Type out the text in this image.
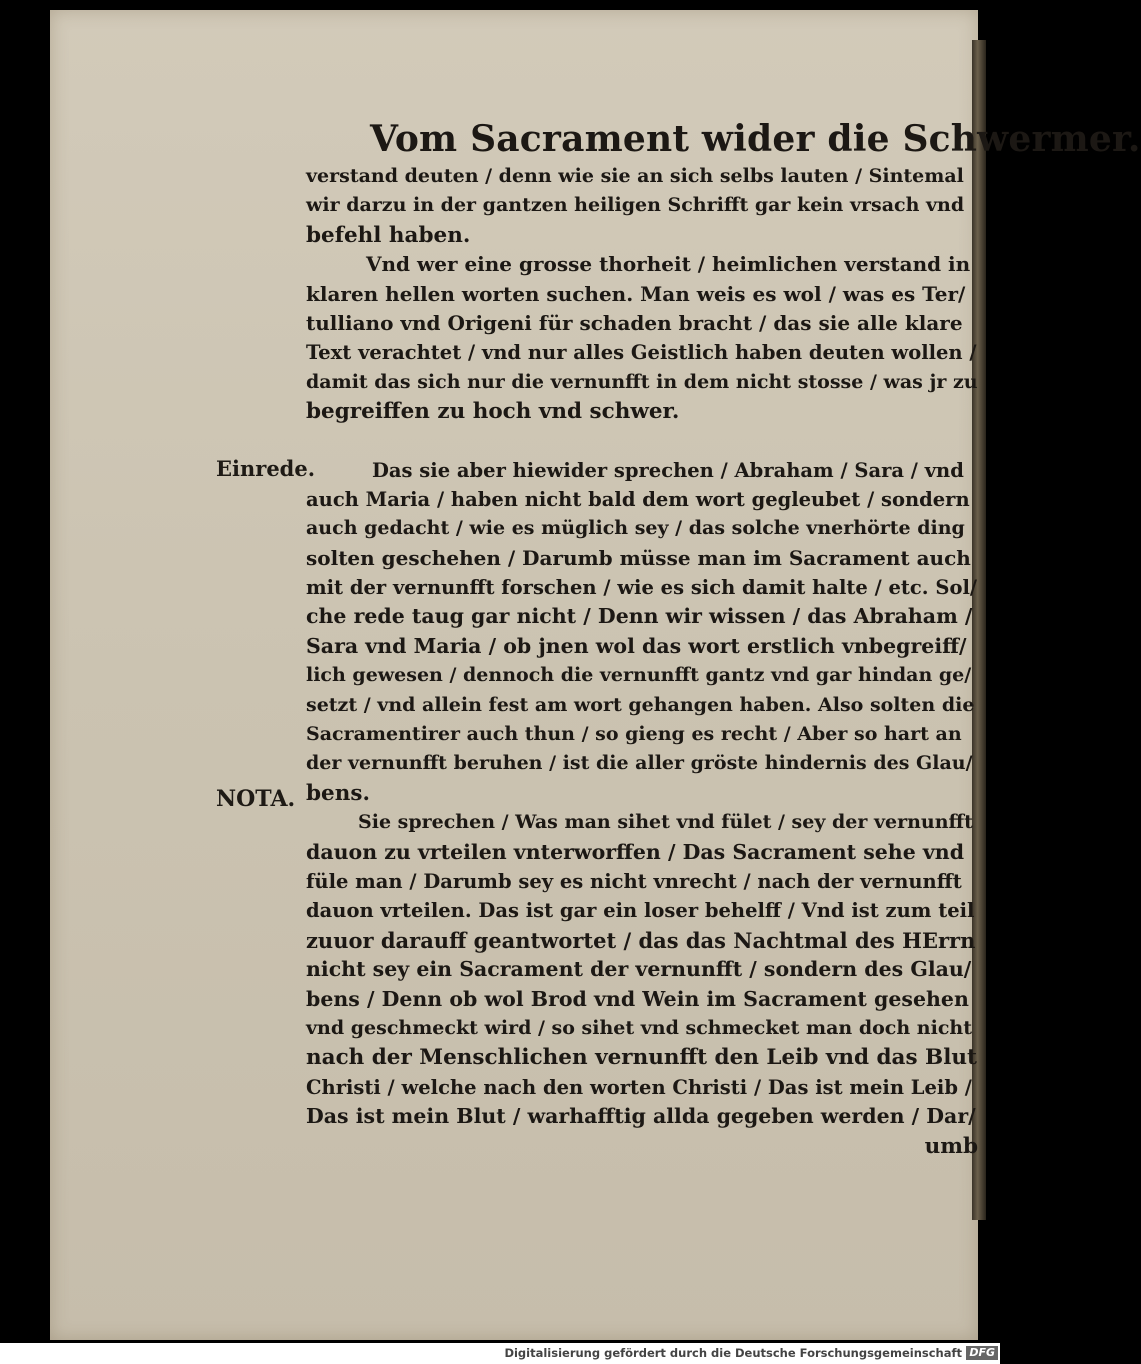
Vom Sacrament wider die Schwermer.
Einrede.
NOTA.
verstand deuten / denn wie sie an sich selbs lauten / Sintemal
wir darzu in der gantzen heiligen Schrifft gar kein vrsach vnd
befehl haben.
Vnd wer eine grosse thorheit / heimlichen verstand in
klaren hellen worten suchen. Man weis es wol / was es Ter/
tulliano vnd Origeni für schaden bracht / das sie alle klare
Text verachtet / vnd nur alles Geistlich haben deuten wollen /
damit das sich nur die vernunfft in dem nicht stosse / was jr zu
begreiffen zu hoch vnd schwer.
Das sie aber hiewider sprechen / Abraham / Sara / vnd
auch Maria / haben nicht bald dem wort gegleubet / sondern
auch gedacht / wie es müglich sey / das solche vnerhörte ding
solten geschehen / Darumb müsse man im Sacrament auch
mit der vernunfft forschen / wie es sich damit halte / etc. Sol/
che rede taug gar nicht / Denn wir wissen / das Abraham /
Sara vnd Maria / ob jnen wol das wort erstlich vnbegreiff/
lich gewesen / dennoch die vernunfft gantz vnd gar hindan ge/
setzt / vnd allein fest am wort gehangen haben. Also solten die
Sacramentirer auch thun / so gieng es recht / Aber so hart an
der vernunfft beruhen / ist die aller gröste hindernis des Glau/
bens.
Sie sprechen / Was man sihet vnd fület / sey der vernunfft
dauon zu vrteilen vnterworffen / Das Sacrament sehe vnd
füle man / Darumb sey es nicht vnrecht / nach der vernunfft
dauon vrteilen. Das ist gar ein loser behelff / Vnd ist zum teil
zuuor darauff geantwortet / das das Nachtmal des HErrn
nicht sey ein Sacrament der vernunfft / sondern des Glau/
bens / Denn ob wol Brod vnd Wein im Sacrament gesehen
vnd geschmeckt wird / so sihet vnd schmecket man doch nicht
nach der Menschlichen vernunfft den Leib vnd das Blut
Christi / welche nach den worten Christi / Das ist mein Leib /
Das ist mein Blut / warhafftig allda gegeben werden / Dar/
umb
Digitalisierung gefördert durch die Deutsche Forschungsgemeinschaft DFG
